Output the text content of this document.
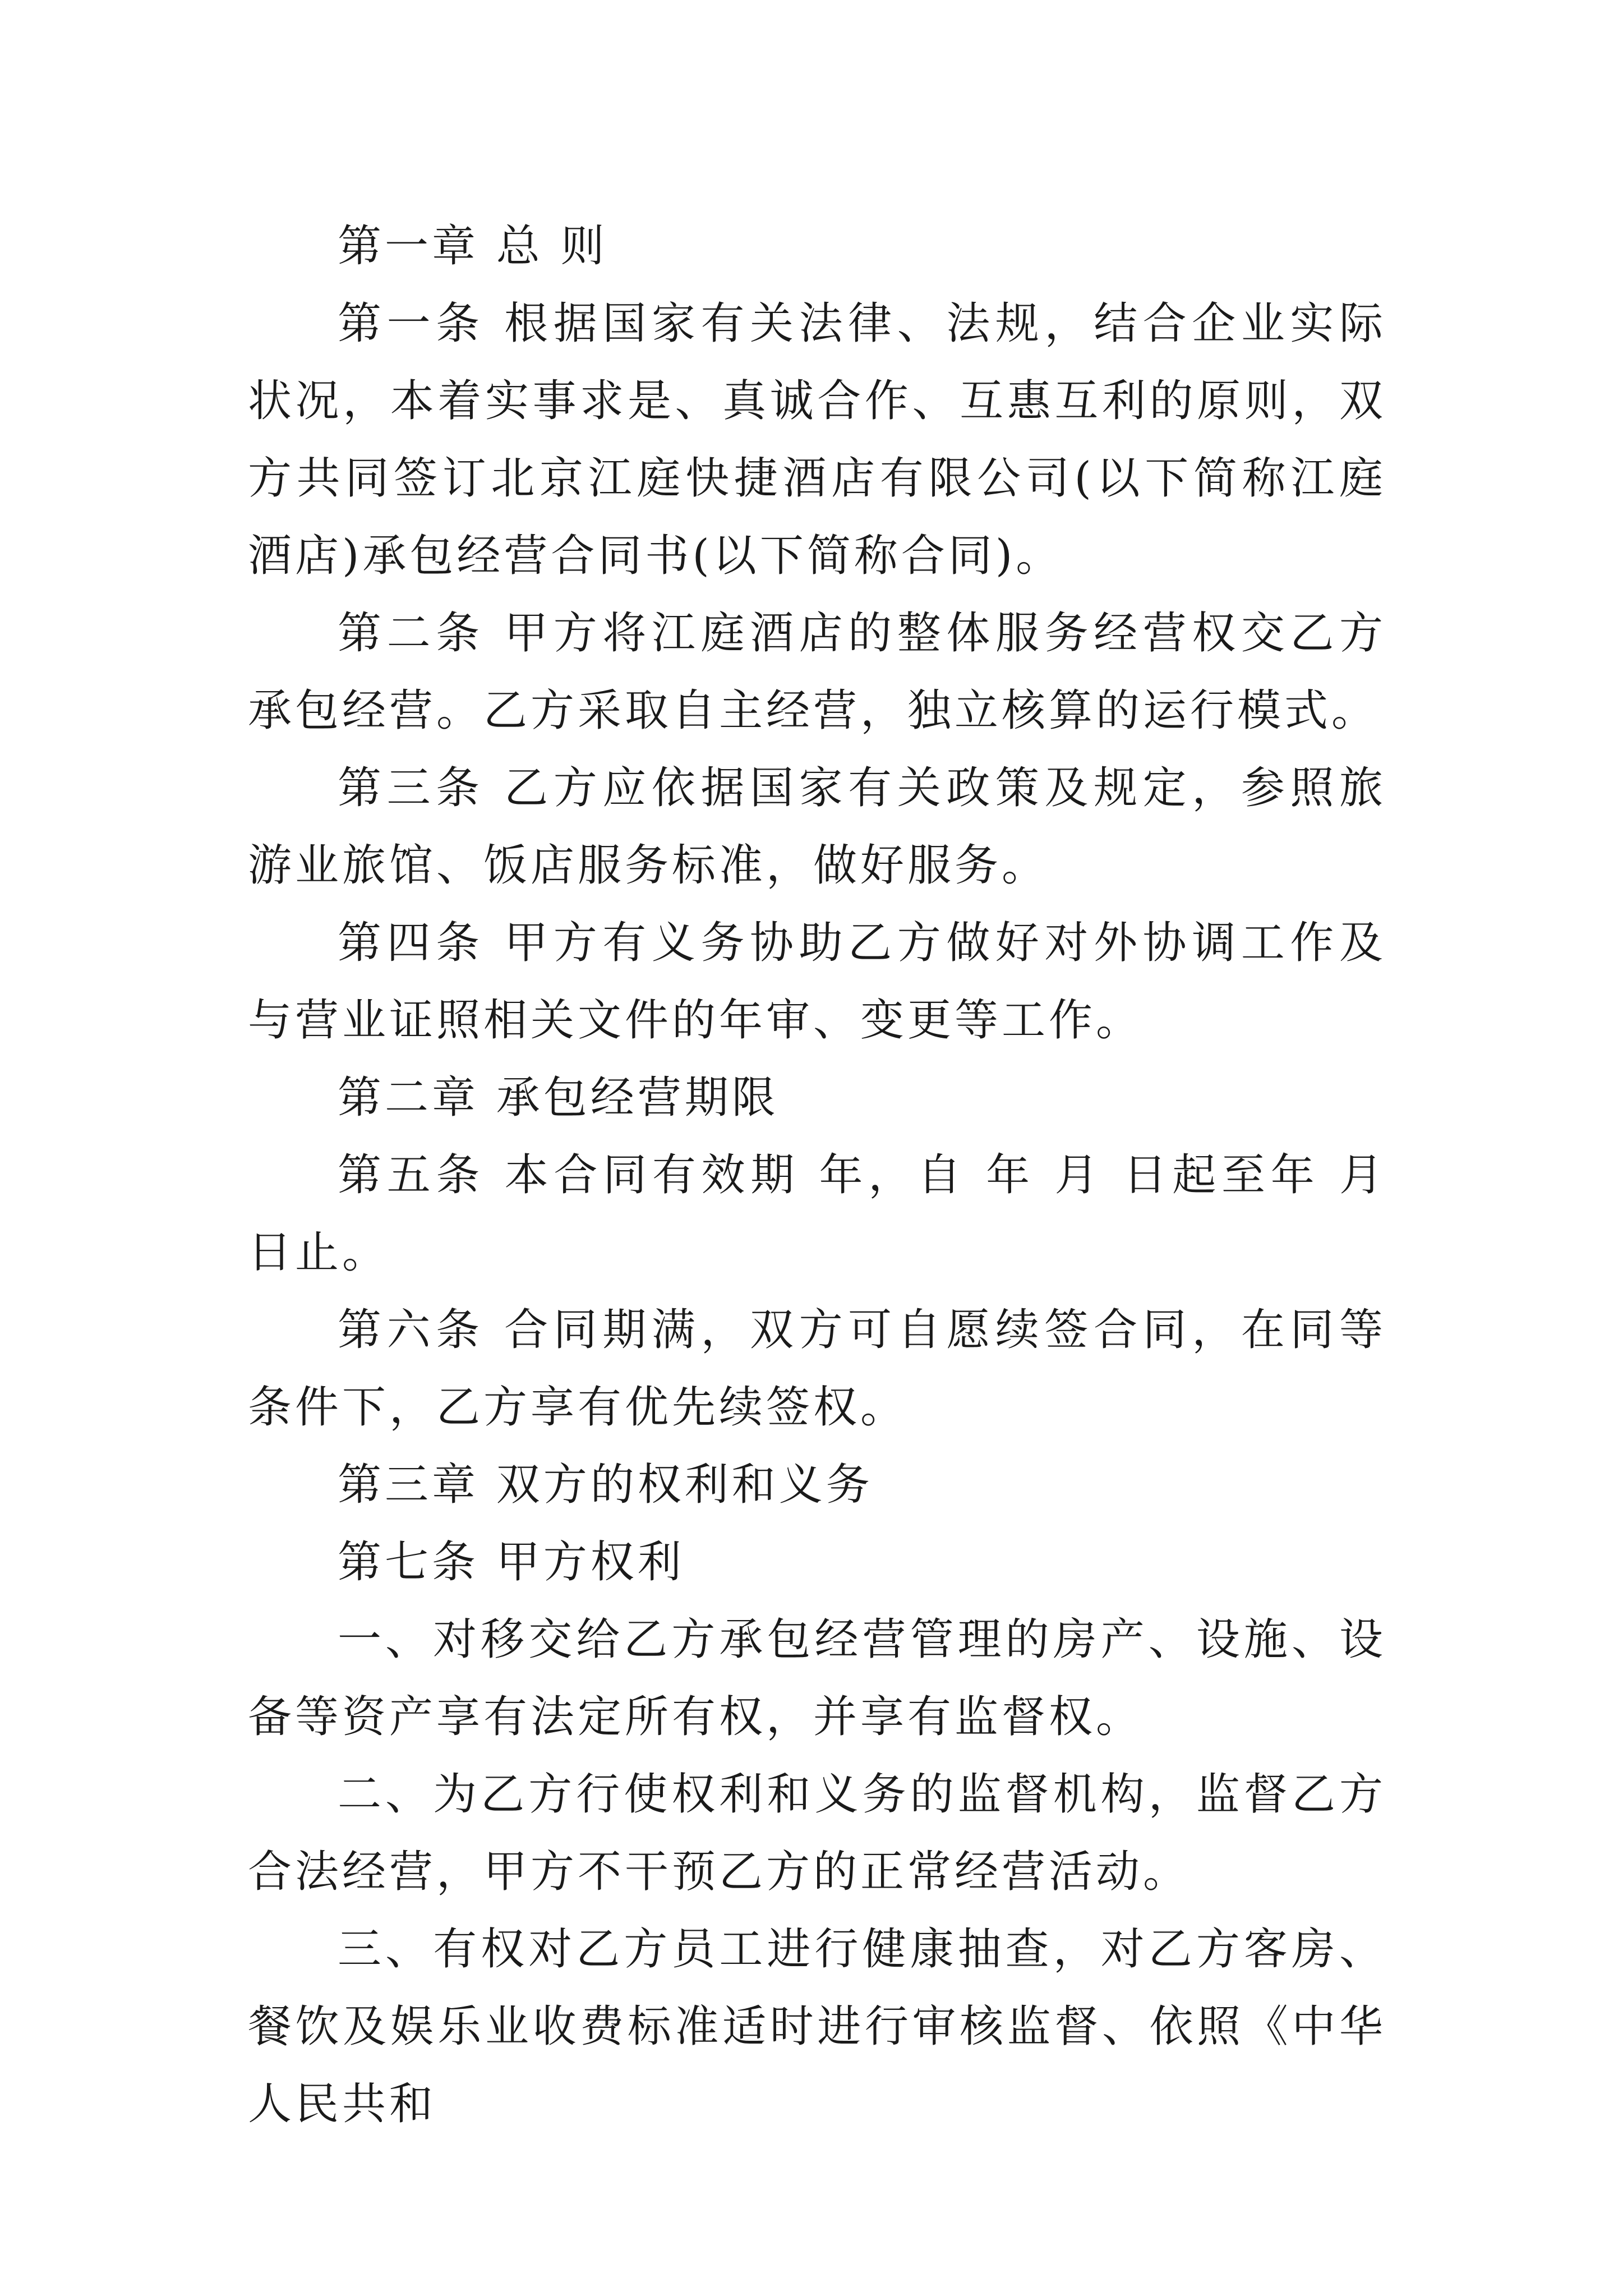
第一章 总 则

第一条 根据国家有关法律、法规，结合企业实际状况，本着实事求是、真诚合作、互惠互利的原则，双方共同签订北京江庭快捷酒店有限公司(以下简称江庭酒店)承包经营合同书(以下简称合同)。

第二条 甲方将江庭酒店的整体服务经营权交乙方承包经营。乙方采取自主经营，独立核算的运行模式。

第三条 乙方应依据国家有关政策及规定，参照旅游业旅馆、饭店服务标准，做好服务。

第四条 甲方有义务协助乙方做好对外协调工作及与营业证照相关文件的年审、变更等工作。

第二章 承包经营期限

第五条 本合同有效期 年，自 年 月 日起至年 月 日止。

第六条 合同期满，双方可自愿续签合同，在同等条件下，乙方享有优先续签权。

第三章 双方的权利和义务

第七条 甲方权利

一、对移交给乙方承包经营管理的房产、设施、设备等资产享有法定所有权，并享有监督权。

二、为乙方行使权利和义务的监督机构，监督乙方合法经营，甲方不干预乙方的正常经营活动。

三、有权对乙方员工进行健康抽查，对乙方客房、餐饮及娱乐业收费标准适时进行审核监督、依照《中华人民共和
